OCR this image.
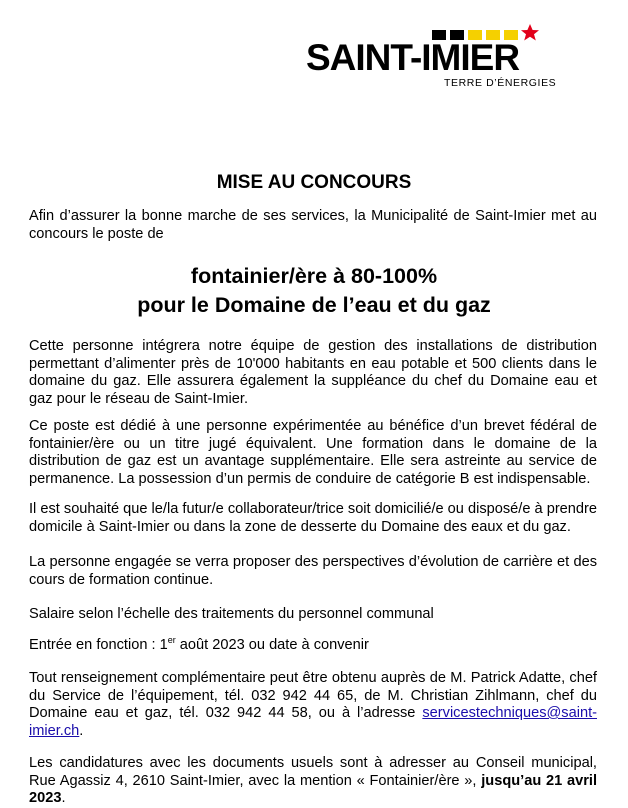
SAINT-IMIER
TERRE D’ÉNERGIES
MISE AU CONCOURS

Afin d’assurer la bonne marche de ses services, la Municipalité de Saint-Imier met au concours le poste de

fontainier/ère à 80-100%
pour le Domaine de l’eau et du gaz

Cette personne intégrera notre équipe de gestion des installations de distribution permettant d’alimenter près de 10'000 habitants en eau potable et 500 clients dans le domaine du gaz. Elle assurera également la suppléance du chef du Domaine eau et gaz pour le réseau de Saint-Imier.

Ce poste est dédié à une personne expérimentée au bénéfice d’un brevet fédéral de fontainier/ère ou un titre jugé équivalent. Une formation dans le domaine de la distribution de gaz est un avantage supplémentaire. Elle sera astreinte au service de permanence. La possession d’un permis de conduire de catégorie B est indispensable.

Il est souhaité que le/la futur/e collaborateur/trice soit domicilié/e ou disposé/e à prendre domicile à Saint-Imier ou dans la zone de desserte du Domaine des eaux et du gaz.

La personne engagée se verra proposer des perspectives d’évolution de carrière et des cours de formation continue.

Salaire selon l’échelle des traitements du personnel communal

Entrée en fonction : 1er août 2023 ou date à convenir

Tout renseignement complémentaire peut être obtenu auprès de M. Patrick Adatte, chef du Service de l’équipement, tél. 032 942 44 65, de M. Christian Zihlmann, chef du Domaine eau et gaz, tél. 032 942 44 58, ou à l’adresse servicestechniques@saint-imier.ch.

Les candidatures avec les documents usuels sont à adresser au Conseil municipal, Rue Agassiz 4, 2610 Saint-Imier, avec la mention « Fontainier/ère », jusqu’au 21 avril 2023.
